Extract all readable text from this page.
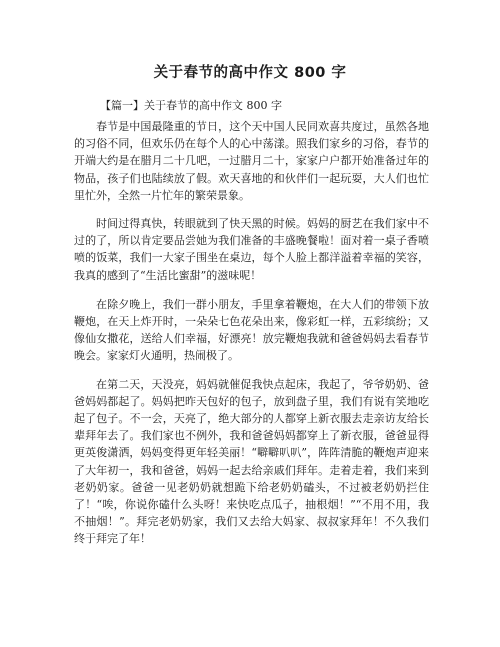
关于春节的高中作文 800 字

【篇一】关于春节的高中作文 800 字

春节是中国最隆重的节日，这个天中国人民同欢喜共度过，虽然各地的习俗不同，但欢乐仍在每个人的心中荡漾。照我们家乡的习俗，春节的开端大约是在腊月二十几吧，一过腊月二十，家家户户都开始准备过年的物品，孩子们也陆续放了假。欢天喜地的和伙伴们一起玩耍，大人们也忙里忙外，全然一片忙年的繁荣景象。

时间过得真快，转眼就到了快天黑的时候。妈妈的厨艺在我们家中不过的了，所以肯定要品尝她为我们准备的丰盛晚餐啦！面对着一桌子香喷喷的饭菜，我们一大家子围坐在桌边，每个人脸上都洋溢着幸福的笑容，我真的感到了“生活比蜜甜”的滋味呢！

在除夕晚上，我们一群小朋友，手里拿着鞭炮，在大人们的带领下放鞭炮，在天上炸开时，一朵朵七色花朵出来，像彩虹一样，五彩缤纷；又像仙女撒花，送给人们幸福，好漂亮！放完鞭炮我就和爸爸妈妈去看春节晚会。家家灯火通明，热闹极了。

在第二天，天没亮，妈妈就催促我快点起床，我起了，爷爷奶奶、爸爸妈妈都起了。妈妈把昨天包好的包子，放到盘子里，我们有说有笑地吃起了包子。不一会，天亮了，绝大部分的人都穿上新衣服去走亲访友给长辈拜年去了。我们家也不例外，我和爸爸妈妈都穿上了新衣服，爸爸显得更英俊潇洒，妈妈变得更年轻美丽！“噼噼叭叭”，阵阵清脆的鞭炮声迎来了大年初一，我和爸爸，妈妈一起去给亲戚们拜年。走着走着，我们来到老奶奶家。爸爸一见老奶奶就想跪下给老奶奶磕头，不过被老奶奶拦住了！“唉，你说你磕什么头呀！来快吃点瓜子，抽根烟！”“不用不用，我不抽烟！”。拜完老奶奶家，我们又去给大妈家、叔叔家拜年！不久我们终于拜完了年！
